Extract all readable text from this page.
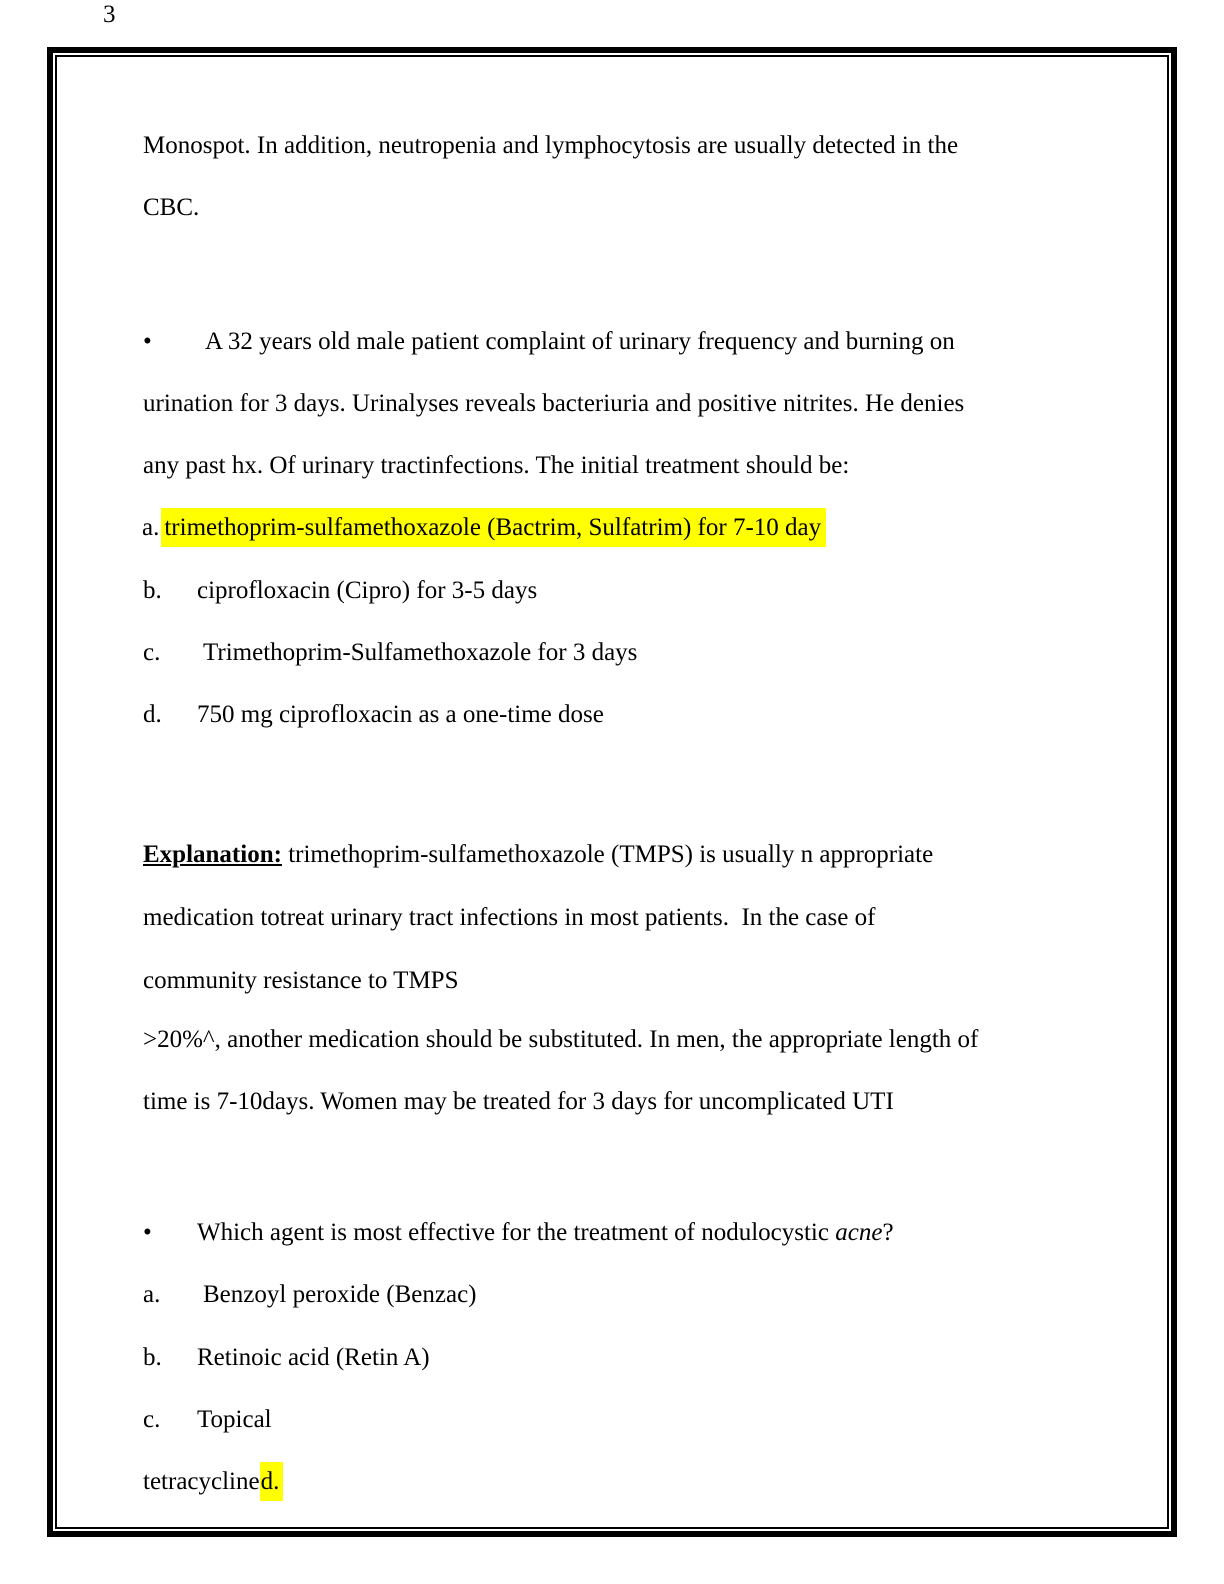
3
Monospot. In addition, neutropenia and lymphocytosis are usually detected in the
CBC.
• A 32 years old male patient complaint of urinary frequency and burning on
urination for 3 days. Urinalyses reveals bacteriuria and positive nitrites. He denies
any past hx. Of urinary tractinfections. The initial treatment should be:
a. trimethoprim-sulfamethoxazole (Bactrim, Sulfatrim) for 7-10 day
b. ciprofloxacin (Cipro) for 3-5 days
c. Trimethoprim-Sulfamethoxazole for 3 days
d. 750 mg ciprofloxacin as a one-time dose
Explanation: trimethoprim-sulfamethoxazole (TMPS) is usually n appropriate
medication totreat urinary tract infections in most patients.  In the case of
community resistance to TMPS
>20%^, another medication should be substituted. In men, the appropriate length of
time is 7-10days. Women may be treated for 3 days for uncomplicated UTI
• Which agent is most effective for the treatment of nodulocystic acne?
a. Benzoyl peroxide (Benzac)
b. Retinoic acid (Retin A)
c. Topical
tetracyclined.
